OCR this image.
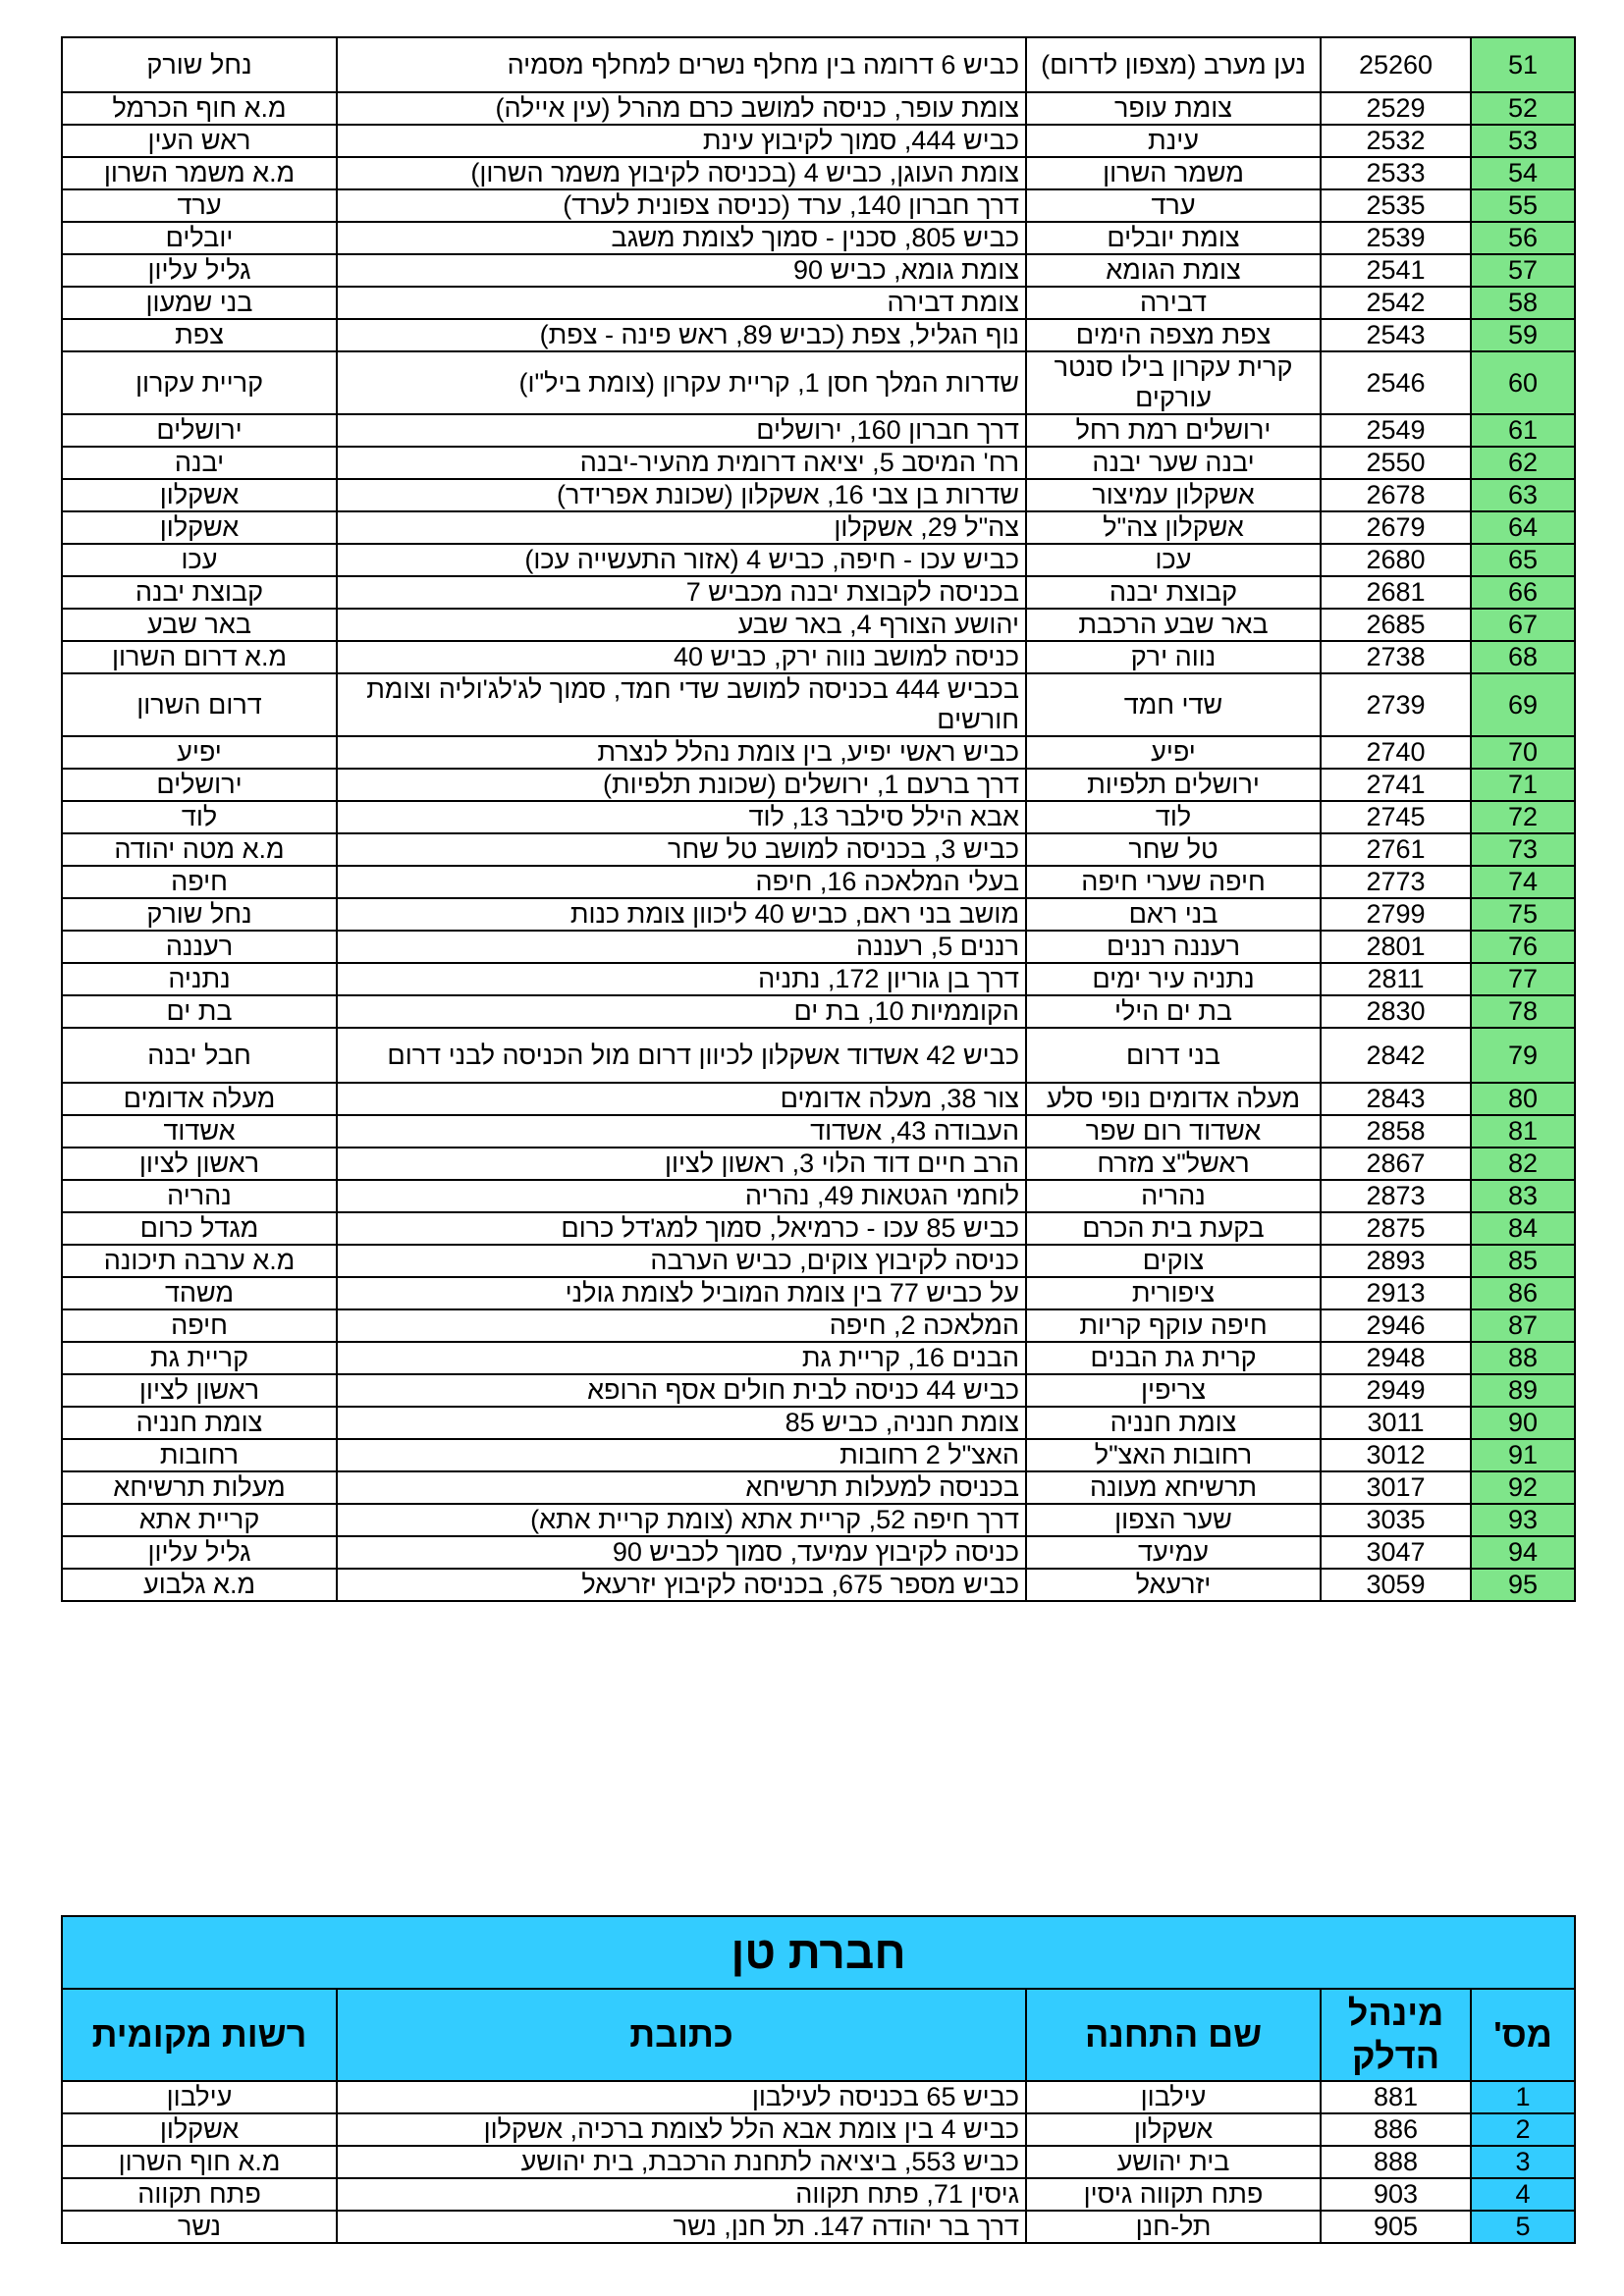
51	25260	נען מערב (מצפון לדרום)	כביש 6 דרומה בין מחלף נשרים למחלף מסמיה	נחל שורק
52	2529	צומת עופר	צומת עופר, כניסה למושב כרם מהרל (עין איילה)	מ.א חוף הכרמל
53	2532	עינת	כביש 444, סמוך לקיבוץ עינת	ראש העין
54	2533	משמר השרון	צומת העוגן, כביש 4 (בכניסה לקיבוץ משמר השרון)	מ.א משמר השרון
55	2535	ערד	דרך חברון 140, ערד (כניסה צפונית לערד)	ערד
56	2539	צומת יובלים	כביש 805, סכנין - סמוך לצומת משגב	יובלים
57	2541	צומת הגומא	צומת גומא, כביש 90	גליל עליון
58	2542	דבירה	צומת דבירה	בני שמעון
59	2543	צפת מצפה הימים	נוף הגליל, צפת (כביש 89, ראש פינה - צפת)	צפת
60	2546	קרית עקרון בילו סנטר עורקים	שדרות המלך חסן 1, קריית עקרון (צומת ביל"ו)	קריית עקרון
61	2549	ירושלים רמת רחל	דרך חברון 160, ירושלים	ירושלים
62	2550	יבנה שער יבנה	רח' המיסב 5, יציאה דרומית מהעיר-יבנה	יבנה
63	2678	אשקלון עמיצור	שדרות בן צבי 16, אשקלון (שכונת אפרידר)	אשקלון
64	2679	אשקלון צה"ל	צה"ל 29, אשקלון	אשקלון
65	2680	עכו	כביש עכו - חיפה, כביש 4 (אזור התעשייה עכו)	עכו
66	2681	קבוצת יבנה	בכניסה לקבוצת יבנה מכביש 7	קבוצת יבנה
67	2685	באר שבע הרכבת	יהושע הצורף 4, באר שבע	באר שבע
68	2738	נווה ירק	כניסה למושב נווה ירק, כביש 40	מ.א דרום השרון
69	2739	שדי חמד	בכביש 444 בכניסה למושב שדי חמד, סמוך לג'לג'וליה וצומת חורשים	דרום השרון
70	2740	יפיע	כביש ראשי יפיע, בין צומת נהלל לנצרת	יפיע
71	2741	ירושלים תלפיות	דרך ברעם 1, ירושלים (שכונת תלפיות)	ירושלים
72	2745	לוד	אבא הילל סילבר 13, לוד	לוד
73	2761	טל שחר	כביש 3, בכניסה למושב טל שחר	מ.א מטה יהודה
74	2773	חיפה שערי חיפה	בעלי המלאכה 16, חיפה	חיפה
75	2799	בני ראם	מושב בני ראם, כביש 40 ליכוון צומת כנות	נחל שורק
76	2801	רעננה רננים	רננים 5, רעננה	רעננה
77	2811	נתניה עיר ימים	דרך בן גוריון 172, נתניה	נתניה
78	2830	בת ים הילי	הקוממיות 10, בת ים	בת ים
79	2842	בני דרום	כביש 42 אשדוד אשקלון לכיוון דרום מול הכניסה לבני דרום	חבל יבנה
80	2843	מעלה אדומים נופי סלע	צור 38, מעלה אדומים	מעלה אדומים
81	2858	אשדוד רום שפר	העבודה 43, אשדוד	אשדוד
82	2867	ראשל"צ מזרח	הרב חיים דוד הלוי 3, ראשון לציון	ראשון לציון
83	2873	נהריה	לוחמי הגטאות 49, נהריה	נהריה
84	2875	בקעת בית הכרם	כביש 85 עכו - כרמיאל, סמוך למג'דל כרום	מגדל כרום
85	2893	צוקים	כניסה לקיבוץ צוקים, כביש הערבה	מ.א ערבה תיכונה
86	2913	ציפורית	על כביש 77 בין צומת המוביל לצומת גולני	משהד
87	2946	חיפה עוקף קריות	המלאכה 2, חיפה	חיפה
88	2948	קרית גת הבנים	הבנים 16, קריית גת	קריית גת
89	2949	צריפין	כביש 44 כניסה לבית חולים אסף הרופא	ראשון לציון
90	3011	צומת חנניה	צומת חנניה, כביש 85	צומת חנניה
91	3012	רחובות האצ"ל	האצ"ל 2 רחובות	רחובות
92	3017	תרשיחא מעונה	בכניסה למעלות תרשיחא	מעלות תרשיחא
93	3035	שער הצפון	דרך חיפה 52, קריית אתא (צומת קריית אתא)	קריית אתא
94	3047	עמיעד	כניסה לקיבוץ עמיעד, סמוך לכביש 90	גליל עליון
95	3059	יזרעאל	כביש מספר 675, בכניסה לקיבוץ יזרעאל	מ.א גלבוע
חברת טן				
מס'	מינהל הדלק	שם התחנה	כתובת	רשות מקומית
1	881	עילבון	כביש 65 בכניסה לעילבון	עילבון
2	886	אשקלון	כביש 4 בין צומת אבא הלל לצומת ברכיה, אשקלון	אשקלון
3	888	בית יהושע	כביש 553, ביציאה לתחנת הרכבת, בית יהושע	מ.א חוף השרון
4	903	פתח תקווה גיסין	גיסין 71, פתח תקווה	פתח תקווה
5	905	תל-חנן	דרך בר יהודה 147. תל חנן, נשר	נשר
